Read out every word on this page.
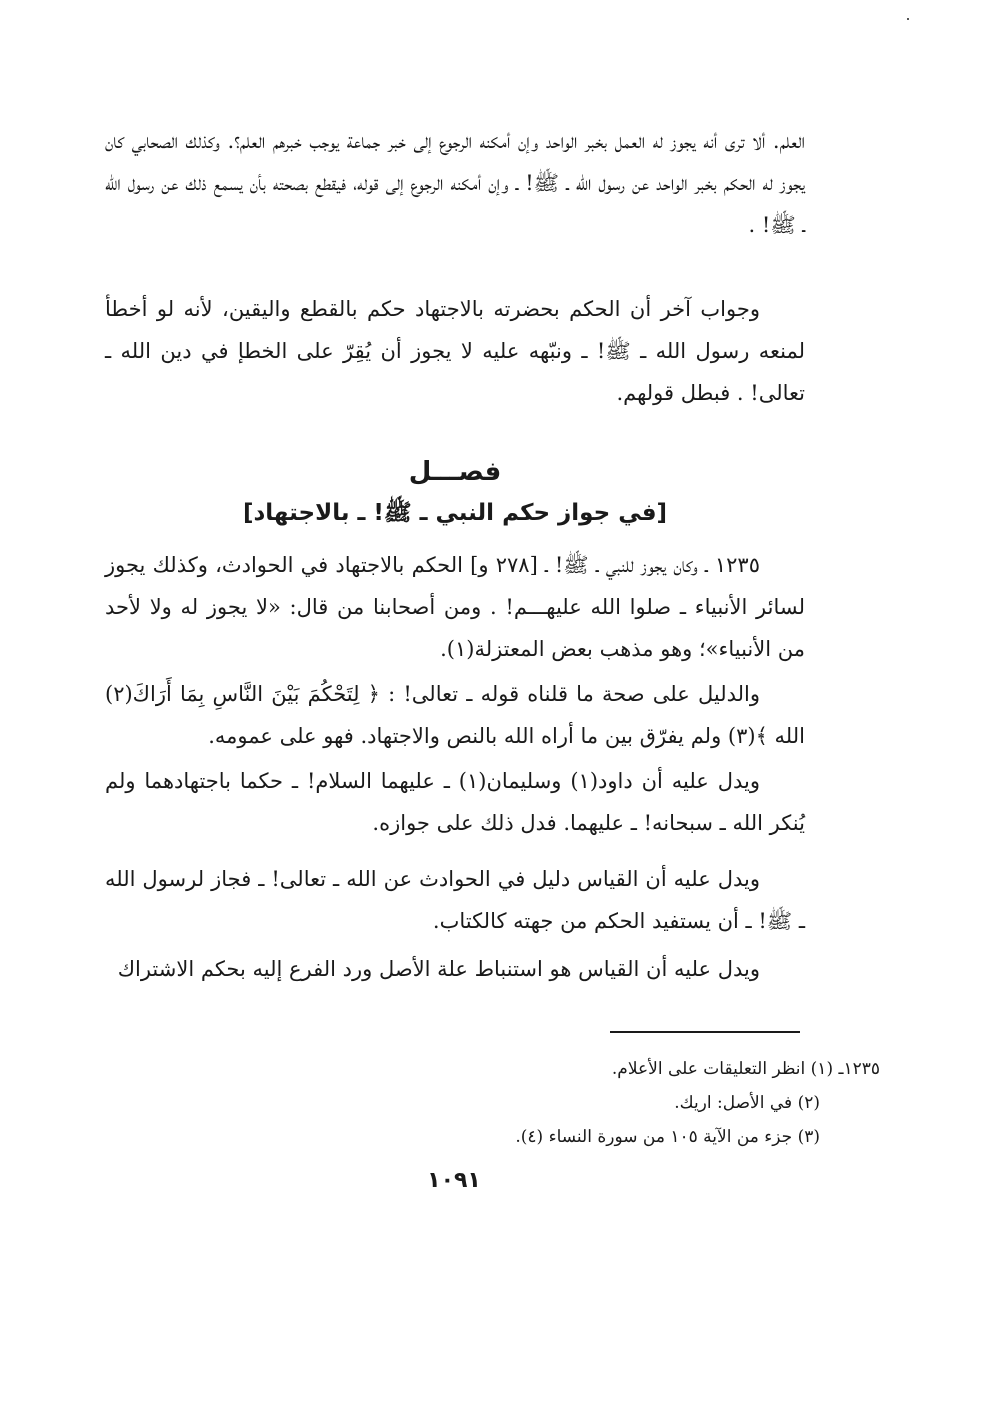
العلم. ألا ترى أنه يجوز له العمل بخبر الواحد وإن أمكنه الرجوع إلى خبر جماعة يوجب خبرهم العلم؟. وكذلك الصحابي كان يجوز له الحكم بخبر الواحد عن رسول الله ـ ﷺ! ـ وإن أمكنه الرجوع إلى قوله، فيقطع بصحته بأن يسمع ذلك عن رسول الله ـ ﷺ! .

وجواب آخر أن الحكم بحضرته بالاجتهاد حكم بالقطع واليقين، لأنه لو أخطأ لمنعه رسول الله ـ ﷺ! ـ ونبّهه عليه لا يجوز أن يُقِرّ على الخطإ في دين الله ـ تعالى! . فبطل قولهم.

فصـــل
[في جواز حكم النبي ـ ﷺ! ـ بالاجتهاد]

١٢٣٥ ـ وكان يجوز للنبي ـ ﷺ! ـ [٢٧٨ و] الحكم بالاجتهاد في الحوادث، وكذلك يجوز لسائر الأنبياء ـ صلوا الله عليهـــم! . ومن أصحابنا من قال: «لا يجوز له ولا لأحد من الأنبياء»؛ وهو مذهب بعض المعتزلة(١).

والدليل على صحة ما قلناه قوله ـ تعالى! : ﴿ لِتَحْكُمَ بَيْنَ النَّاسِ بِمَا أَرَاكَ(٢) الله ﴾(٣) ولم يفرّق بين ما أراه الله بالنص والاجتهاد. فهو على عمومه.

ويدل عليه أن داود(١) وسليمان(١) ـ عليهما السلام! ـ حكما باجتهادهما ولم يُنكر الله ـ سبحانه! ـ عليهما. فدل ذلك على جوازه.

ويدل عليه أن القياس دليل في الحوادث عن الله ـ تعالى! ـ فجاز لرسول الله ـ ﷺ! ـ أن يستفيد الحكم من جهته كالكتاب.

ويدل عليه أن القياس هو استنباط علة الأصل ورد الفرع إليه بحكم الاشتراك

١٢٣٥ـ (١) انظر التعليقات على الأعلام.
(٢) في الأصل: اريك.
(٣) جزء من الآية ١٠٥ من سورة النساء (٤).
١٠٩١
